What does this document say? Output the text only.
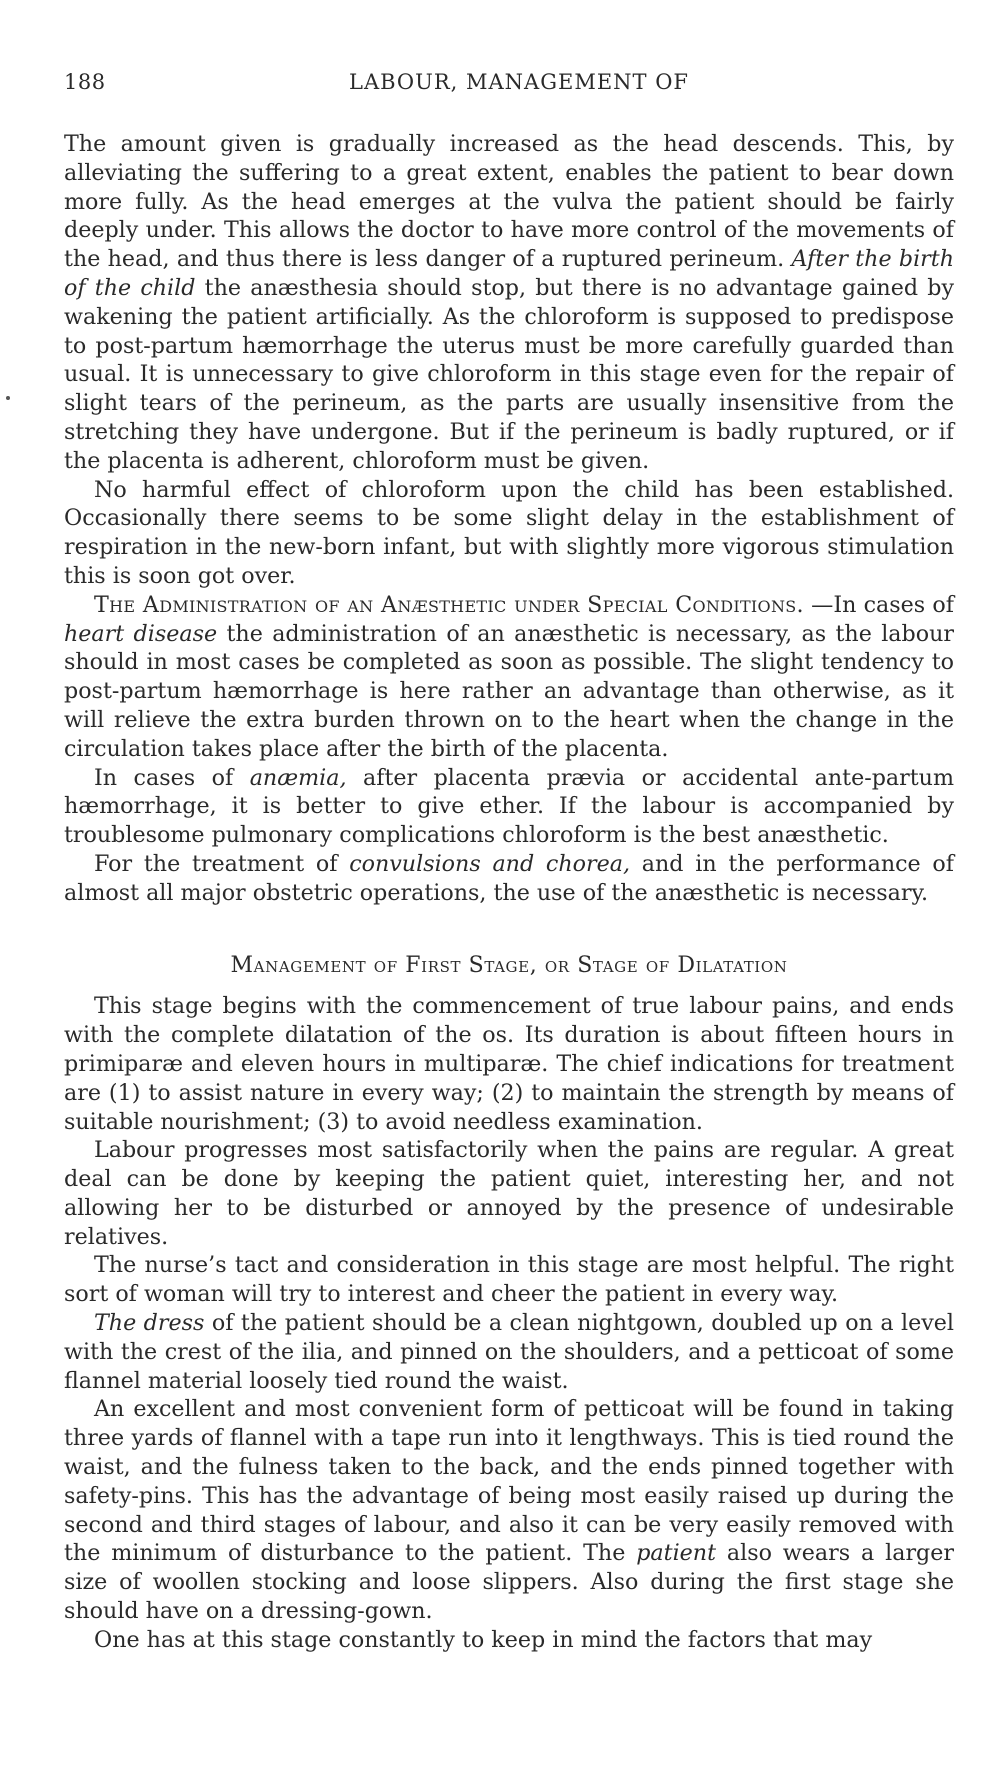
188	LABOUR, MANAGEMENT OF

The amount given is gradually increased as the head descends. This, by alleviating the suffering to a great extent, enables the patient to bear down more fully. As the head emerges at the vulva the patient should be fairly deeply under. This allows the doctor to have more control of the movements of the head, and thus there is less danger of a ruptured perineum. After the birth of the child the anæsthesia should stop, but there is no advantage gained by wakening the patient artificially. As the chloroform is supposed to predispose to post-partum hæmorrhage the uterus must be more carefully guarded than usual. It is unnecessary to give chloroform in this stage even for the repair of slight tears of the perineum, as the parts are usually insensitive from the stretching they have undergone. But if the perineum is badly ruptured, or if the placenta is adherent, chloroform must be given.

No harmful effect of chloroform upon the child has been established. Occasionally there seems to be some slight delay in the establishment of respiration in the new-born infant, but with slightly more vigorous stimulation this is soon got over.

The Administration of an Anæsthetic under Special Conditions. —In cases of heart disease the administration of an anæsthetic is necessary, as the labour should in most cases be completed as soon as possible. The slight tendency to post-partum hæmorrhage is here rather an advantage than otherwise, as it will relieve the extra burden thrown on to the heart when the change in the circulation takes place after the birth of the placenta.

In cases of anæmia, after placenta prævia or accidental ante-partum hæmorrhage, it is better to give ether. If the labour is accompanied by troublesome pulmonary complications chloroform is the best anæsthetic.

For the treatment of convulsions and chorea, and in the performance of almost all major obstetric operations, the use of the anæsthetic is necessary.

Management of First Stage, or Stage of Dilatation

This stage begins with the commencement of true labour pains, and ends with the complete dilatation of the os. Its duration is about fifteen hours in primiparæ and eleven hours in multiparæ. The chief indications for treatment are (1) to assist nature in every way; (2) to maintain the strength by means of suitable nourishment; (3) to avoid needless examination.

Labour progresses most satisfactorily when the pains are regular. A great deal can be done by keeping the patient quiet, interesting her, and not allowing her to be disturbed or annoyed by the presence of undesirable relatives.

The nurse’s tact and consideration in this stage are most helpful. The right sort of woman will try to interest and cheer the patient in every way.

The dress of the patient should be a clean nightgown, doubled up on a level with the crest of the ilia, and pinned on the shoulders, and a petticoat of some flannel material loosely tied round the waist.

An excellent and most convenient form of petticoat will be found in taking three yards of flannel with a tape run into it lengthways. This is tied round the waist, and the fulness taken to the back, and the ends pinned together with safety-pins. This has the advantage of being most easily raised up during the second and third stages of labour, and also it can be very easily removed with the minimum of disturbance to the patient. The patient also wears a larger size of woollen stocking and loose slippers. Also during the first stage she should have on a dressing-gown.

One has at this stage constantly to keep in mind the factors that may
